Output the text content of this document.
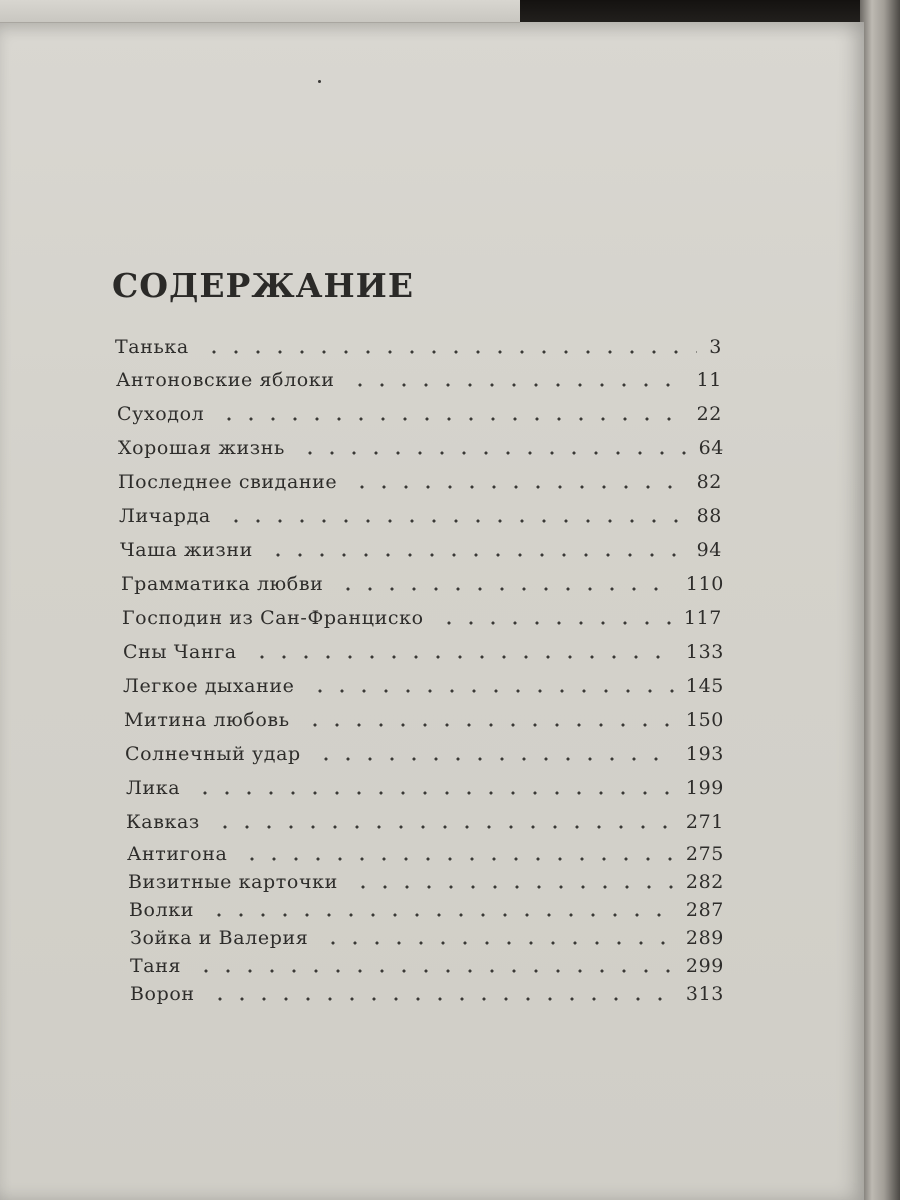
СОДЕРЖАНИЕ
Танька	3
Антоновские яблоки	11
Суходол	22
Хорошая жизнь	64
Последнее свидание	82
Личарда	88
Чаша жизни	94
Грамматика любви	110
Господин из Сан-Франциско	117
Сны Чанга	133
Легкое дыхание	145
Митина любовь	150
Солнечный удар	193
Лика	199
Кавказ	271
Антигона	275
Визитные карточки	282
Волки	287
Зойка и Валерия	289
Таня	299
Ворон	313
